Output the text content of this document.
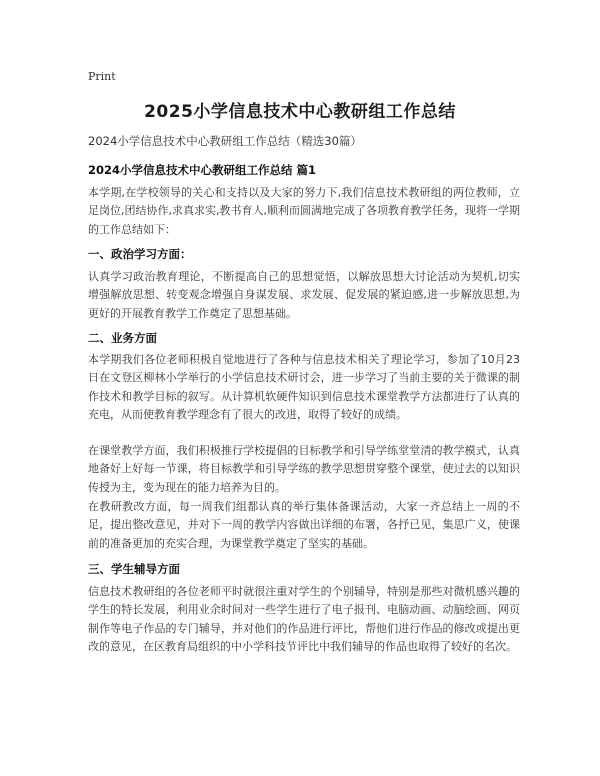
Print
2025小学信息技术中心教研组工作总结
2024小学信息技术中心教研组工作总结（精选30篇）
2024小学信息技术中心教研组工作总结 篇1

本学期,在学校领导的关心和支持以及大家的努力下,我们信息技术教研组的两位教师，立足岗位,团结协作,求真求实,教书育人,顺利而圆满地完成了各项教育教学任务，现将一学期的工作总结如下：

一、政治学习方面：

认真学习政治教育理论，不断提高自己的思想觉悟，以解放思想大讨论活动为契机,切实增强解放思想、转变观念增强自身谋发展、求发展、促发展的紧迫感,进一步解放思想,为更好的开展教育教学工作奠定了思想基础。

二、业务方面

本学期我们各位老师积极自觉地进行了各种与信息技术相关了理论学习，参加了10月23日在文登区柳林小学举行的小学信息技术研讨会，进一步学习了当前主要的关于微课的制作技术和教学目标的叙写。从计算机软硬件知识到信息技术课堂教学方法都进行了认真的充电，从而使教育教学理念有了很大的改进，取得了较好的成绩。

在课堂教学方面，我们积极推行学校提倡的目标教学和引导学练堂堂清的教学模式，认真地备好上好每一节课，将目标教学和引导学练的教学思想贯穿整个课堂，使过去的以知识传授为主，变为现在的能力培养为目的。

在教研教改方面，每一周我们组都认真的举行集体备课活动，大家一齐总结上一周的不足，提出整改意见，并对下一周的教学内容做出详细的布署，各抒已见，集思广义，使课前的准备更加的充实合理，为课堂教学奠定了坚实的基础。

三、学生辅导方面

信息技术教研组的各位老师平时就很注重对学生的个别辅导，特别是那些对微机感兴趣的学生的特长发展，利用业余时间对一些学生进行了电子报刊、电脑动画、动脑绘画、网页制作等电子作品的专门辅导，并对他们的作品进行评比，帮他们进行作品的修改或提出更改的意见，在区教育局组织的中小学科技节评比中我们辅导的作品也取得了较好的名次。
